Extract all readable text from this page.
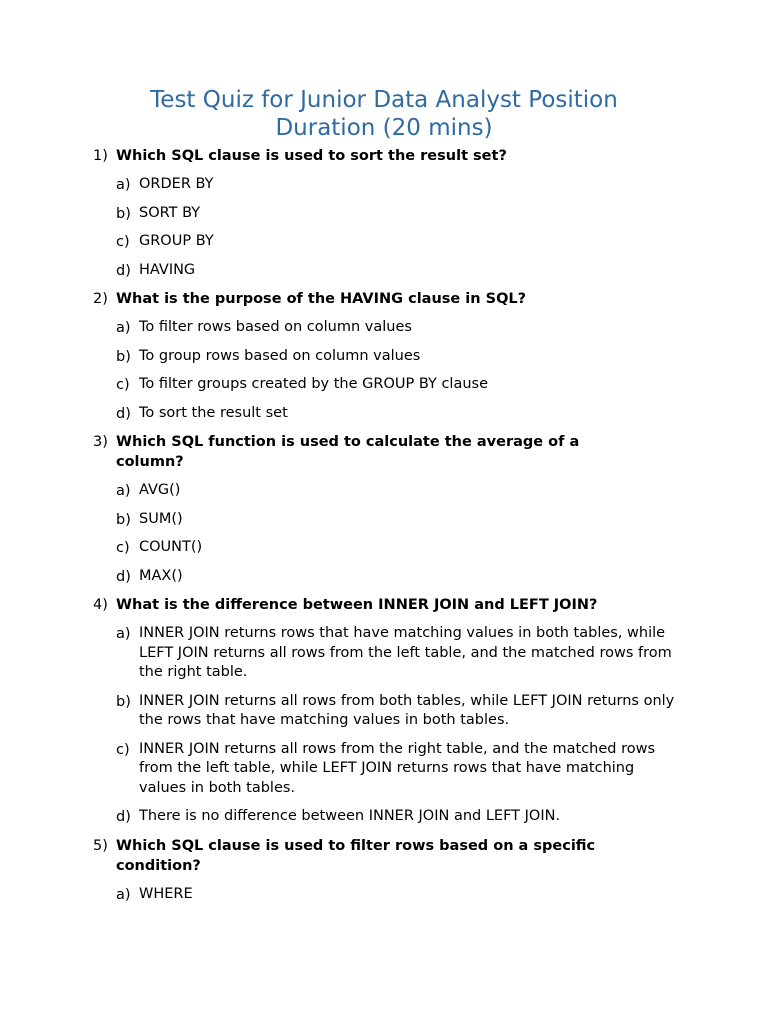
Test Quiz for Junior Data Analyst Position
Duration (20 mins)
1) Which SQL clause is used to sort the result set?
a) ORDER BY
b) SORT BY
c) GROUP BY
d) HAVING
2) What is the purpose of the HAVING clause in SQL?
a) To filter rows based on column values
b) To group rows based on column values
c) To filter groups created by the GROUP BY clause
d) To sort the result set
3) Which SQL function is used to calculate the average of a column?
a) AVG()
b) SUM()
c) COUNT()
d) MAX()
4) What is the difference between INNER JOIN and LEFT JOIN?
a) INNER JOIN returns rows that have matching values in both tables, while LEFT JOIN returns all rows from the left table, and the matched rows from the right table.
b) INNER JOIN returns all rows from both tables, while LEFT JOIN returns only the rows that have matching values in both tables.
c) INNER JOIN returns all rows from the right table, and the matched rows from the left table, while LEFT JOIN returns rows that have matching values in both tables.
d) There is no difference between INNER JOIN and LEFT JOIN.
5) Which SQL clause is used to filter rows based on a specific condition?
a) WHERE
